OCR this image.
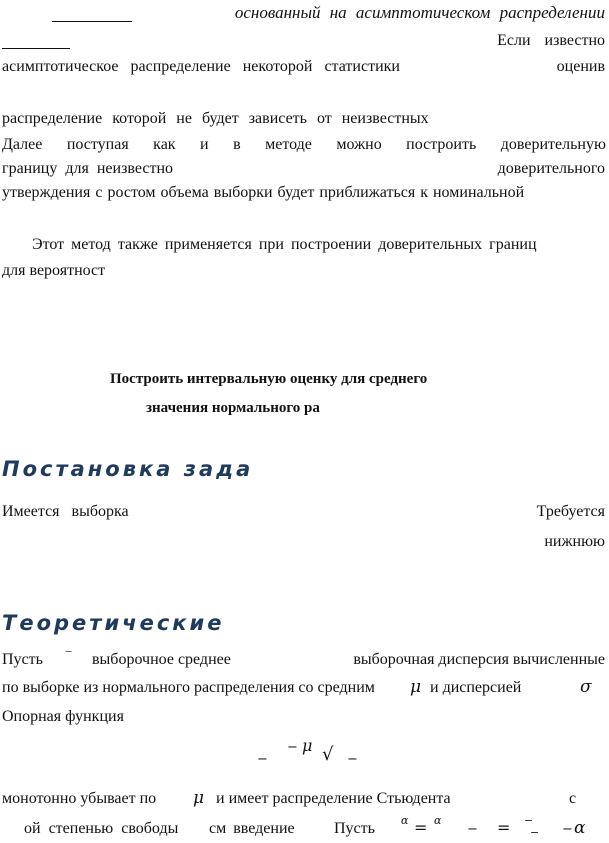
основанный на асимптотическом распределении
Если известно
асимптотическое распределение некоторой статистики	оценив
распределение которой не будет зависеть от неизвестных
Далее поступая как и в методе можно построить доверительную
границу для неизвестно	доверительного
утверждения с ростом объема выборки будет приближаться к номинальной
Этот метод также применяется при построении доверительных границ
для вероятност
Построить интервальную оценку для среднего
значения нормального ра
Постановка зада
Имеется выборка	Требуется
нижнюю
Теоретические
Пусть − выборочное среднее	выборочная дисперсия вычисленные
по выборке из нормального распределения со средним μ и дисперсией	σ
Опорная функция
− μ
−	√ −
монотонно убывает по μ и имеет распределение Стьюдента	с
ой степенью свободы см введение Пусть α = α
− = −
− − α
